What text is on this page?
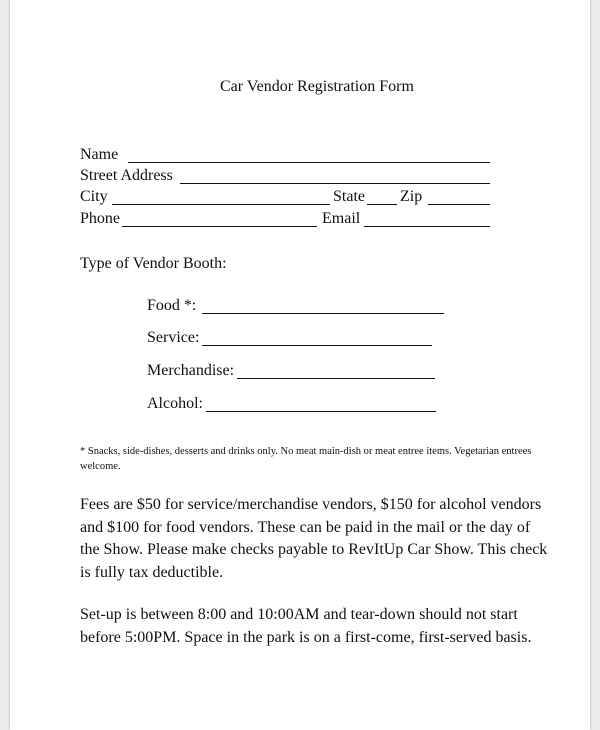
Car Vendor Registration Form
Name
Street Address
City	State Zip
Phone	Email
Type of Vendor Booth:
Food *:
Service:
Merchandise:
Alcohol:
* Snacks, side-dishes, desserts and drinks only. No meat main-dish or meat entree items. Vegetarian entrees welcome.
Fees are $50 for service/merchandise vendors, $150 for alcohol vendors and $100 for food vendors. These can be paid in the mail or the day of the Show. Please make checks payable to RevItUp Car Show. This check is fully tax deductible.
Set-up is between 8:00 and 10:00AM and tear-down should not start before 5:00PM. Space in the park is on a first-come, first-served basis.
